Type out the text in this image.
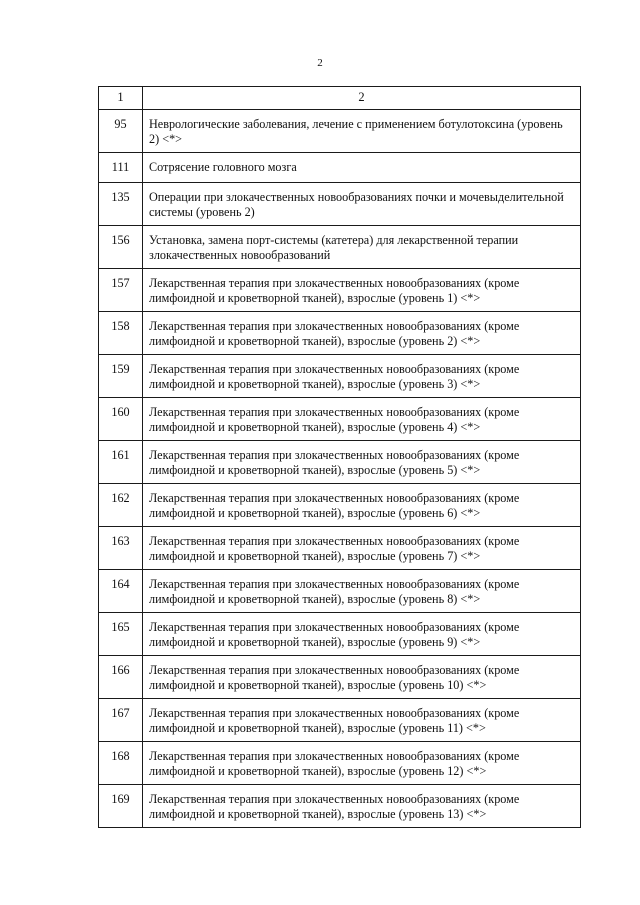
2
1	2
95	Неврологические заболевания, лечение с применением ботулотоксина (уровень 2) <*>
111	Сотрясение головного мозга
135	Операции при злокачественных новообразованиях почки и мочевыделительной системы (уровень 2)
156	Установка, замена порт-системы (катетера) для лекарственной терапии злокачественных новообразований
157	Лекарственная терапия при злокачественных новообразованиях (кроме лимфоидной и кроветворной тканей), взрослые (уровень 1) <*>
158	Лекарственная терапия при злокачественных новообразованиях (кроме лимфоидной и кроветворной тканей), взрослые (уровень 2) <*>
159	Лекарственная терапия при злокачественных новообразованиях (кроме лимфоидной и кроветворной тканей), взрослые (уровень 3) <*>
160	Лекарственная терапия при злокачественных новообразованиях (кроме лимфоидной и кроветворной тканей), взрослые (уровень 4) <*>
161	Лекарственная терапия при злокачественных новообразованиях (кроме лимфоидной и кроветворной тканей), взрослые (уровень 5) <*>
162	Лекарственная терапия при злокачественных новообразованиях (кроме лимфоидной и кроветворной тканей), взрослые (уровень 6) <*>
163	Лекарственная терапия при злокачественных новообразованиях (кроме лимфоидной и кроветворной тканей), взрослые (уровень 7) <*>
164	Лекарственная терапия при злокачественных новообразованиях (кроме лимфоидной и кроветворной тканей), взрослые (уровень 8) <*>
165	Лекарственная терапия при злокачественных новообразованиях (кроме лимфоидной и кроветворной тканей), взрослые (уровень 9) <*>
166	Лекарственная терапия при злокачественных новообразованиях (кроме лимфоидной и кроветворной тканей), взрослые (уровень 10) <*>
167	Лекарственная терапия при злокачественных новообразованиях (кроме лимфоидной и кроветворной тканей), взрослые (уровень 11) <*>
168	Лекарственная терапия при злокачественных новообразованиях (кроме лимфоидной и кроветворной тканей), взрослые (уровень 12) <*>
169	Лекарственная терапия при злокачественных новообразованиях (кроме лимфоидной и кроветворной тканей), взрослые (уровень 13) <*>
